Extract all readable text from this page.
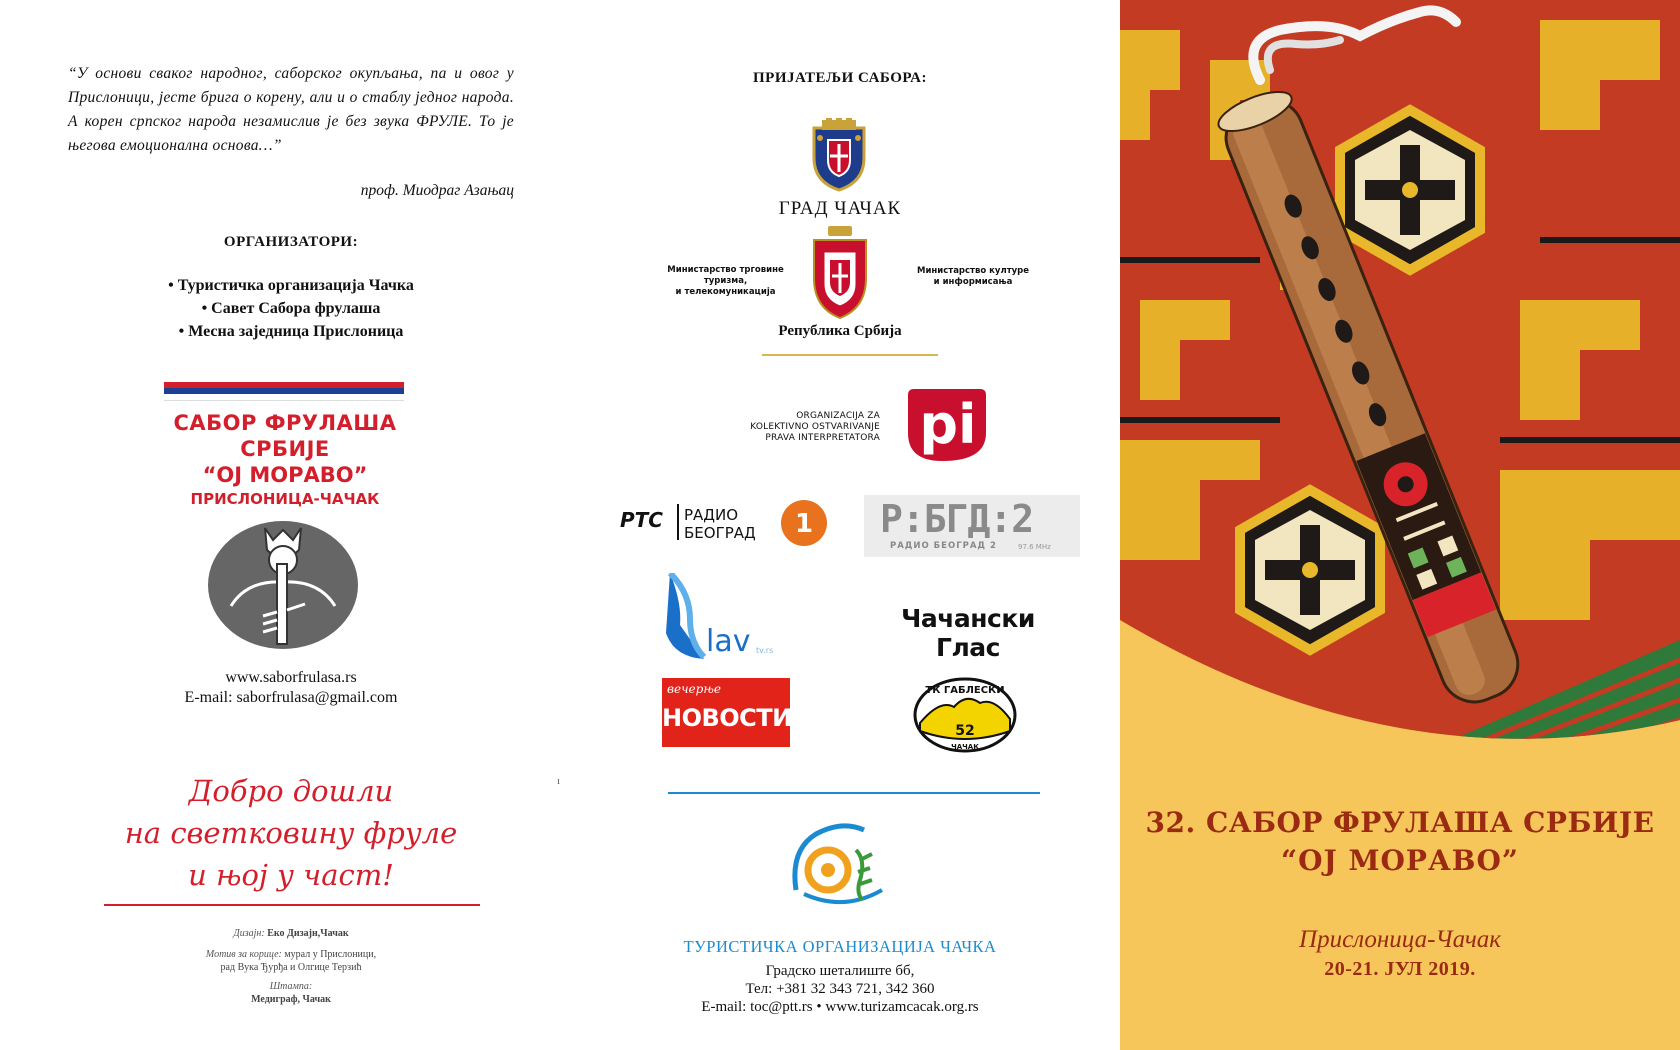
“У основи сваког народног, саборског окупљања, па и овог у Прислоници, јесте брига о корену, али и о стаблу једног народа. А корен српског народа незамислив је без звука ФРУЛЕ. То је његова емоционална основа…”
проф. Миодраг Азањац
ОРГАНИЗАТОРИ:
• Туристичка организација Чачка
• Савет Сабора фрулаша
• Месна заједница Прислоница
САБОР ФРУЛАША СРБИЈЕ
“ОЈ МОРАВО”
ПРИСЛОНИЦА-ЧАЧАК
www.saborfrulasa.rs
E-mail: saborfrulasa@gmail.com
Добро дошли
на светковину фруле
и њој у част!
Дизајн: Еко Дизајн,Чачак
Мотив за корице: мурал у Прислоници,
рад Вука Ђурђа и Олгице Терзић
Штампа:
Медиграф, Чачак
ı
ПРИЈАТЕЉИ САБОРА:
ГРАД ЧАЧАК
Министарство трговине
туризма,
и телекомуникација
Министарство културе
и информисања
Република Србија
ORGANIZACIJA ZA
KOLEKTIVNO OSTVARIVANJE
PRAVA INTERPRETATORA pi
РТС РАДИО
БЕОГРАД 1 Р:БГД:2
РАДИО БЕОГРАД 2	97.6 MHz
lav tv.rs
Чачански Глас
вечерње
НОВОСТИ
ТК ГАБЛЕСКИ
52
ЧАЧАК
ТУРИСТИЧКА ОРГАНИЗАЦИЈА ЧАЧКА
Градско шеталиште бб,
Тел: +381 32 343 721, 342 360
E-mail: toc@ptt.rs • www.turizamcacak.org.rs
32. САБОР ФРУЛАША СРБИЈЕ
“ОЈ МОРАВО”
Прислоница-Чачак
20-21. ЈУЛ 2019.
